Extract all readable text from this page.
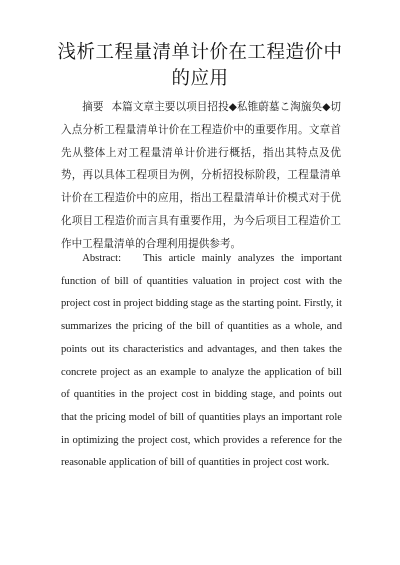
浅析工程量清单计价在工程造价中的应用

摘要 本篇文章主要以项目招投◆私锥蔚墓こ淘旒奂◆切入点分析工程量清单计价在工程造价中的重要作用。文章首先从整体上对工程量清单计价进行概括，指出其特点及优势，再以具体工程项目为例，分析招投标阶段，工程量清单计价在工程造价中的应用，指出工程量清单计价模式对于优化项目工程造价而言具有重要作用，为今后项目工程造价工作中工程量清单的合理利用提供参考。

Abstract: This article mainly analyzes the important function of bill of quantities valuation in project cost with the project cost in project bidding stage as the starting point. Firstly, it summarizes the pricing of the bill of quantities as a whole, and points out its characteristics and advantages, and then takes the concrete project as an example to analyze the application of bill of quantities in the project cost in bidding stage, and points out that the pricing model of bill of quantities plays an important role in optimizing the project cost, which provides a reference for the reasonable application of bill of quantities in project cost work.
